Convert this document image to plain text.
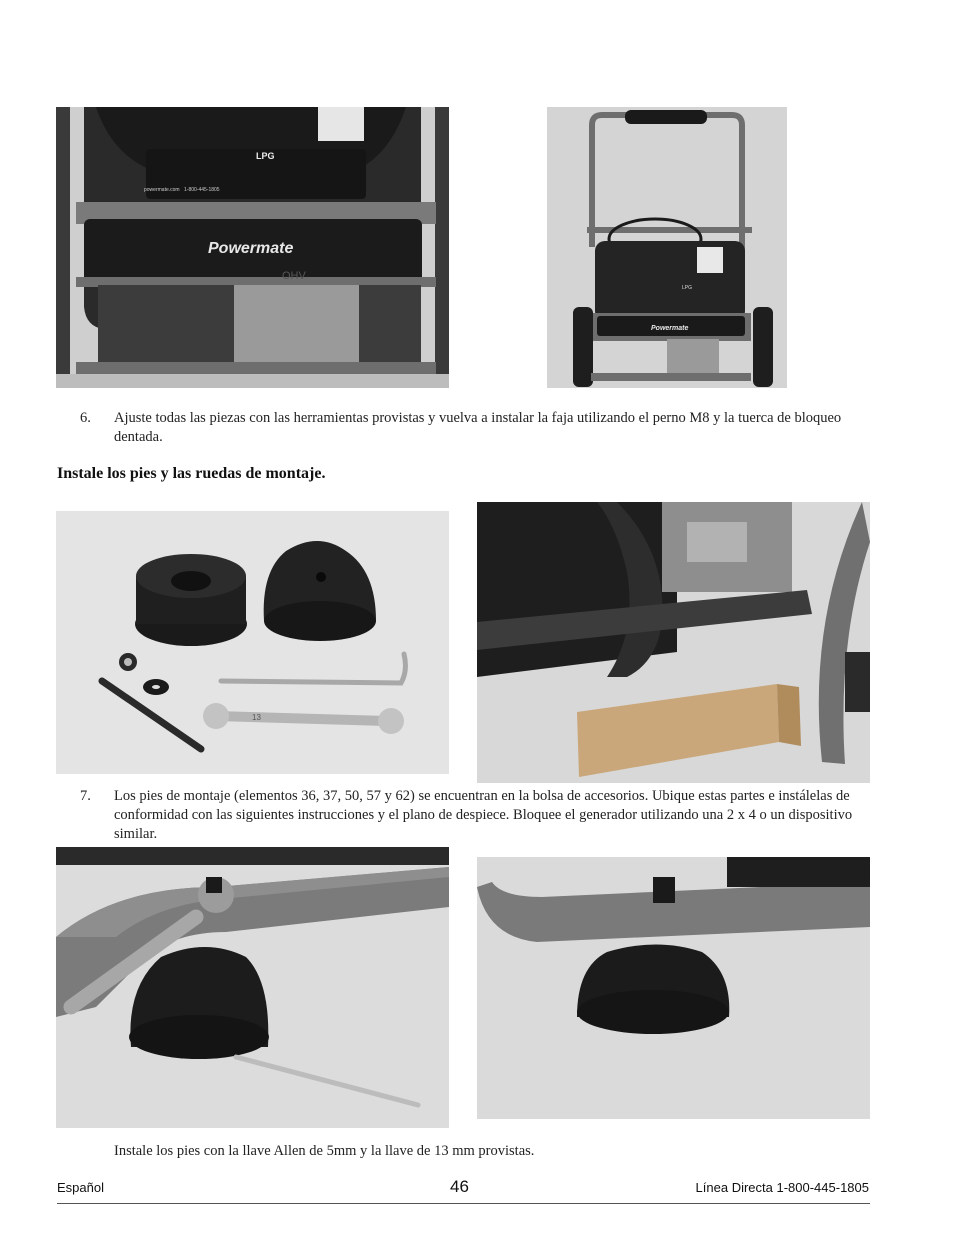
LPG
powermate.com 1-800-445-1805
Powermate
OHV
LPG
Powermate
6. Ajuste todas las piezas con las herramientas provistas y vuelva a instalar la faja utilizando el perno M8 y la tuerca de bloqueo dentada.
Instale los pies y las ruedas de montaje.
13
7. Los pies de montaje (elementos 36, 37, 50, 57 y 62) se encuentran en la bolsa de accesorios. Ubique estas partes e instálelas de conformidad con las siguientes instrucciones y el plano de despiece. Bloquee el generador utilizando una 2 x 4 o un dispositivo similar.
Instale los pies con la llave Allen de 5mm y la llave de 13 mm provistas.
Español	46	Línea Directa 1-800-445-1805
